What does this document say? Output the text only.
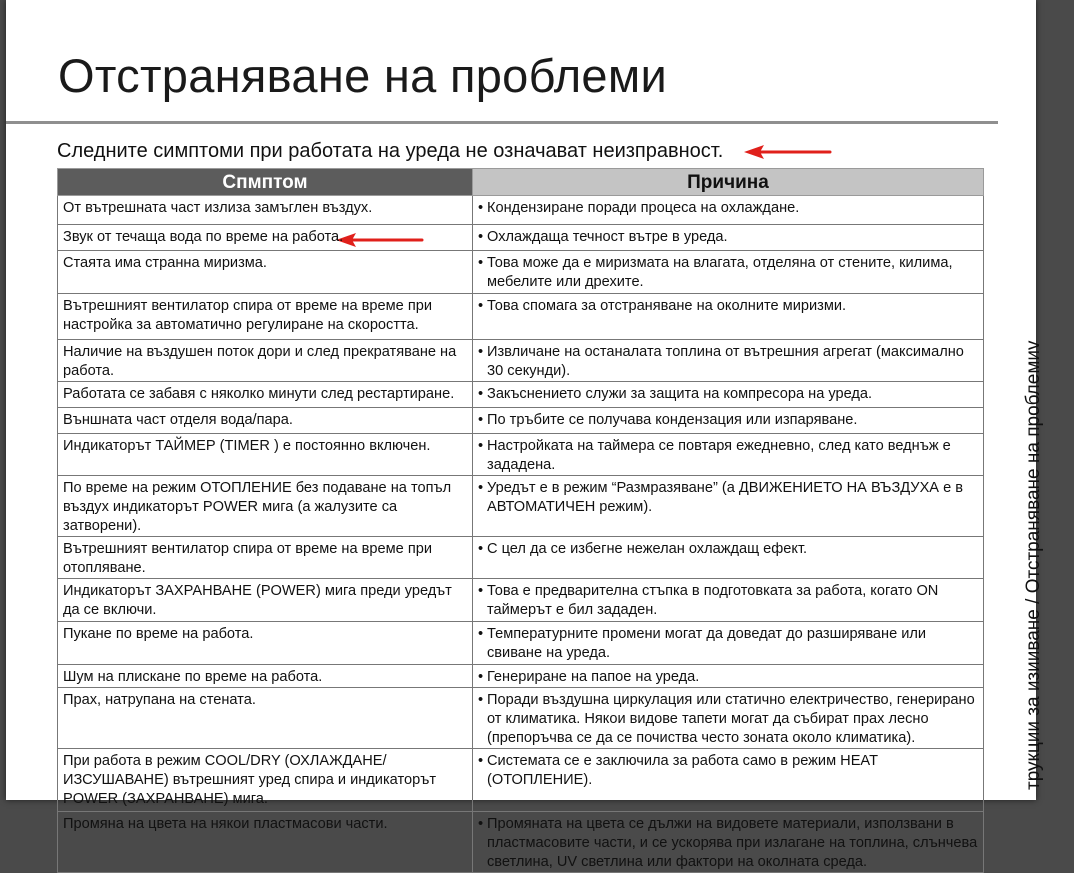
Отстраняване на проблеми
Следните симптоми при работата на уреда не означават неизправност.
Спмптом	Причина
От вътрешната част излиза замъглен въздух.	• Кондензиране поради процеса на охлаждане.

Звук от течаща вода по време на работа.	• Охлаждаща течност вътре в уреда.

Стаята има странна миризма.	• Това може да е миризмата на влагата, отделяна от стените, килима, мебелите или дрехите.

Вътрешният вентилатор спира от време на време при настройка за автоматично регулиране на скоростта.	• Това спомага за отстраняване на околните миризми.

Наличие на въздушен поток дори и след прекратяване на работа.	• Извличане на останалата топлина от вътрешния агрегат (максимално 30 секунди).

Работата се забавя с няколко минути след рестартиране.	• Закъснението служи за защита на компресора на уреда.

Външната част отделя вода/пара.	• По тръбите се получава кондензация или изпаряване.

Индикаторът ТАЙМЕР (TIMER ) е постоянно включен.	• Настройката на таймера се повтаря ежедневно, след като веднъж е зададена.

По време на режим ОТОПЛЕНИЕ без подаване на топъл въздух индикаторът POWER мига (а жалузите са затворени).	• Уредът е в режим “Размразяване” (а ДВИЖЕНИЕТО НА ВЪЗДУХА е в АВТОМАТИЧЕН режим).

Вътрешният вентилатор спира от време на време при отопляване.	• С цел да се избегне нежелан охлаждащ ефект.

Индикаторът ЗАХРАНВАНЕ (POWER) мига преди уредът да се включи.	• Това е предварителна стъпка в подготовката за работа, когато ON таймерът е бил зададен.

Пукане по време на работа.	• Температурните промени могат да доведат до разширяване или свиване на уреда.

Шум на плискане по време на работа.	• Генериране на папое на уреда.

Прах, натрупана на стената.	• Поради въздушна циркулация или статично електричество, генерирано от климатика. Някои видове тапети могат да събират прах лесно (препоръчва се да се почиства често зоната около климатика).

При работа в режим COOL/DRY (ОХЛАЖДАНЕ/ ИЗСУШАВАНЕ) вътрешният уред спира и индикаторът POWER (ЗАХРАНВАНЕ) мига.	• Системата се е заключила за работа само в режим HEAT (ОТОПЛЕНИЕ).

Промяна на цвета на някои пластмасови части.	• Промяната на цвета се дължи на видовете материали, използвани в пластмасовите части, и се ускорява при излагане на топлина, слънчева светлина, UV светлина или фактори на околната среда.
трукции за изииване / Отстраняване на проблемиv
